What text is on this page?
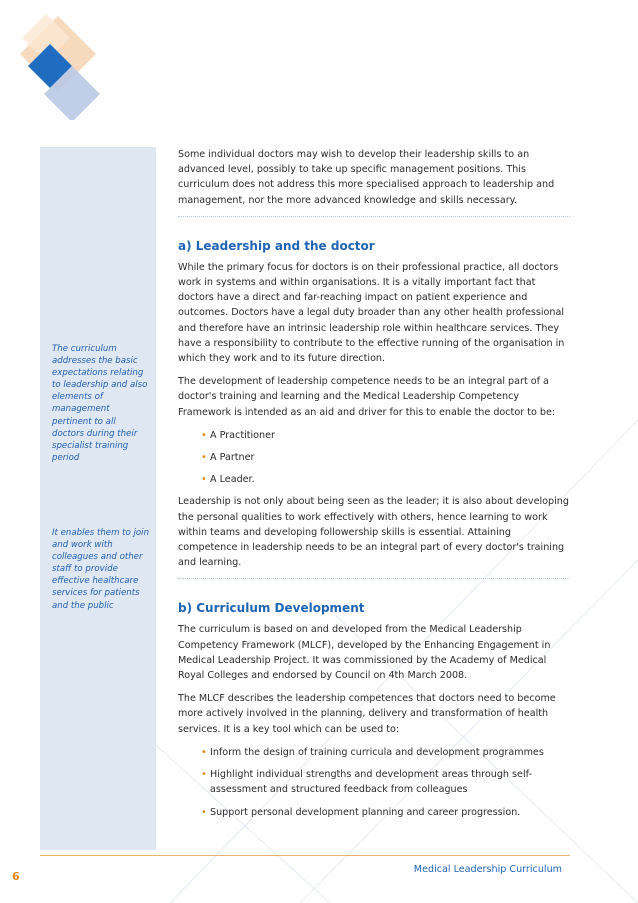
The curriculum
addresses the basic
expectations relating
to leadership and also
elements of
management
pertinent to all
doctors during their
specialist training
period
It enables them to join
and work with
colleagues and other
staff to provide
effective healthcare
services for patients
and the public

Some individual doctors may wish to develop their leadership skills to an advanced level, possibly to take up specific management positions. This curriculum does not address this more specialised approach to leadership and management, nor the more advanced knowledge and skills necessary.

a) Leadership and the doctor

While the primary focus for doctors is on their professional practice, all doctors work in systems and within organisations. It is a vitally important fact that doctors have a direct and far-reaching impact on patient experience and outcomes. Doctors have a legal duty broader than any other health professional and therefore have an intrinsic leadership role within healthcare services. They have a responsibility to contribute to the effective running of the organisation in which they work and to its future direction.

The development of leadership competence needs to be an integral part of a doctor's training and learning and the Medical Leadership Competency Framework is intended as an aid and driver for this to enable the doctor to be:

• A Practitioner
• A Partner
• A Leader.

Leadership is not only about being seen as the leader; it is also about developing the personal qualities to work effectively with others, hence learning to work within teams and developing followership skills is essential. Attaining competence in leadership needs to be an integral part of every doctor's training and learning.

b) Curriculum Development

The curriculum is based on and developed from the Medical Leadership Competency Framework (MLCF), developed by the Enhancing Engagement in Medical Leadership Project. It was commissioned by the Academy of Medical Royal Colleges and endorsed by Council on 4th March 2008.

The MLCF describes the leadership competences that doctors need to become more actively involved in the planning, delivery and transformation of health services. It is a key tool which can be used to:

• Inform the design of training curricula and development programmes
• Highlight individual strengths and development areas through self-assessment and structured feedback from colleagues
• Support personal development planning and career progression.
6
Medical Leadership Curriculum
